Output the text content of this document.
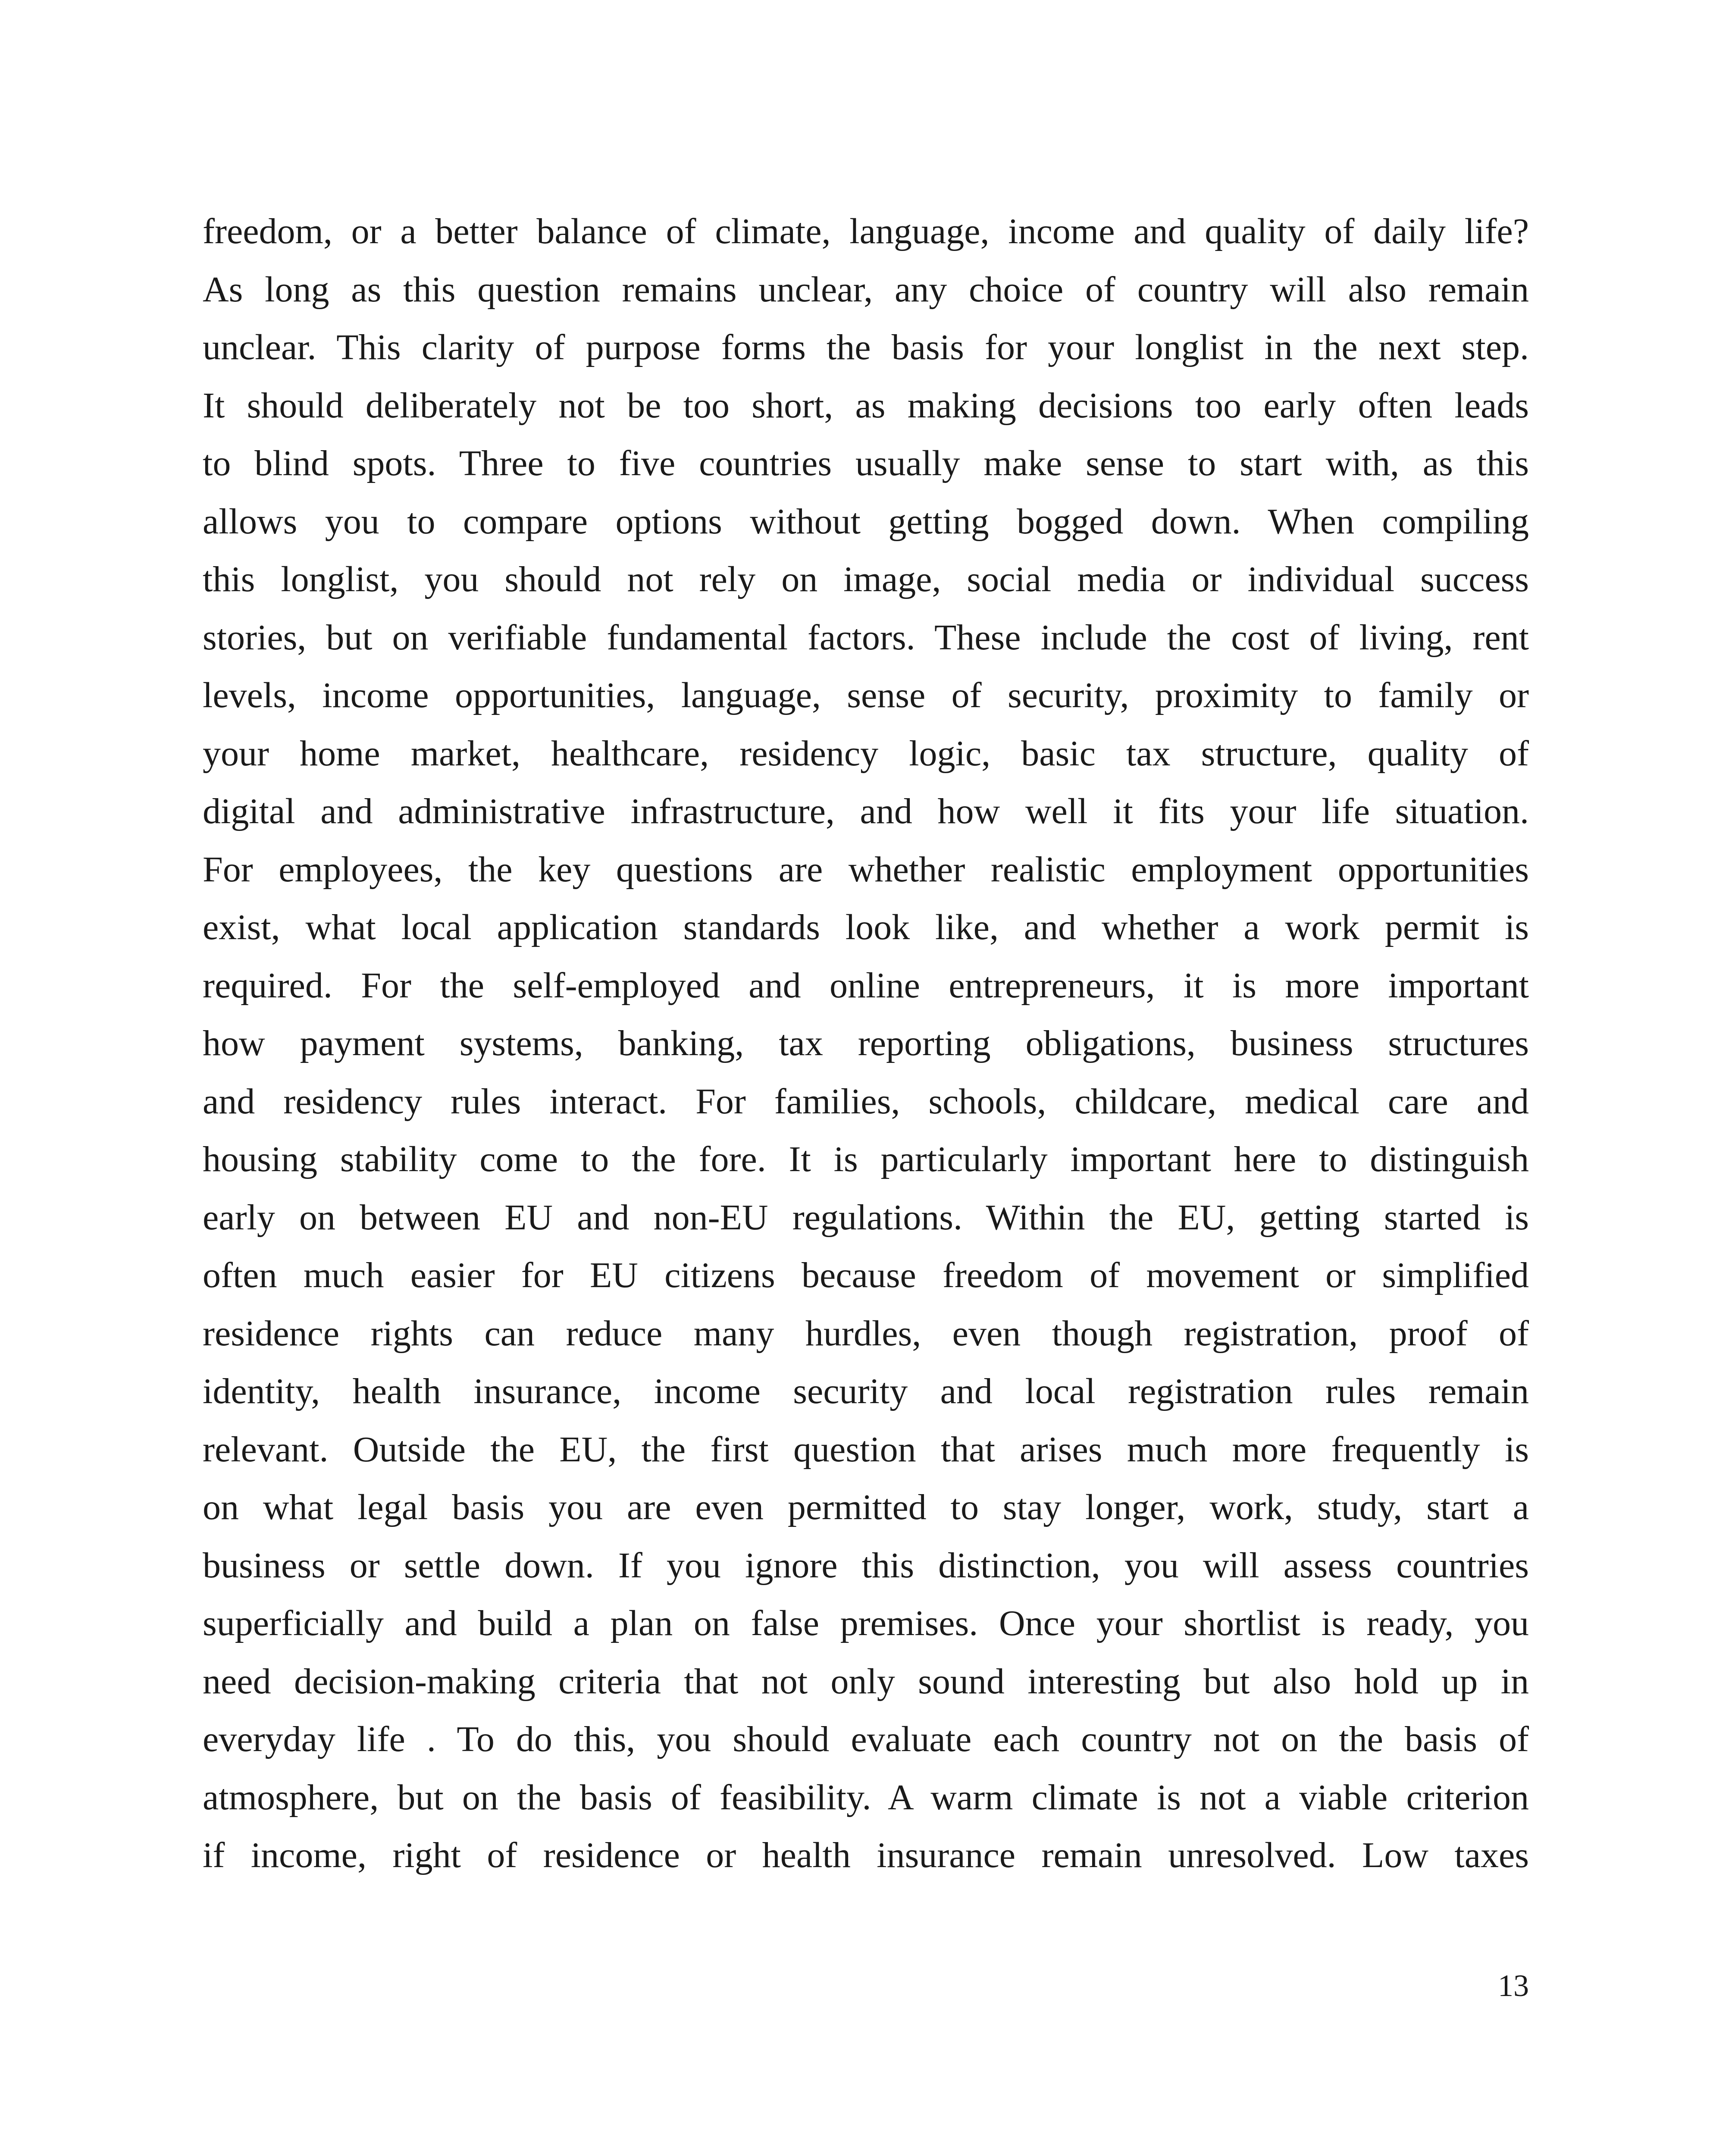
freedom, or a better balance of climate, language, income and quality of daily life?
As long as this question remains unclear, any choice of country will also remain
unclear. This clarity of purpose forms the basis for your longlist in the next step.
It should deliberately not be too short, as making decisions too early often leads
to blind spots. Three to five countries usually make sense to start with, as this
allows you to compare options without getting bogged down. When compiling
this longlist, you should not rely on image, social media or individual success
stories, but on verifiable fundamental factors. These include the cost of living, rent
levels, income opportunities, language, sense of security, proximity to family or
your home market, healthcare, residency logic, basic tax structure, quality of
digital and administrative infrastructure, and how well it fits your life situation.
For employees, the key questions are whether realistic employment opportunities
exist, what local application standards look like, and whether a work permit is
required. For the self-employed and online entrepreneurs, it is more important
how payment systems, banking, tax reporting obligations, business structures
and residency rules interact. For families, schools, childcare, medical care and
housing stability come to the fore. It is particularly important here to distinguish
early on between EU and non-EU regulations. Within the EU, getting started is
often much easier for EU citizens because freedom of movement or simplified
residence rights can reduce many hurdles, even though registration, proof of
identity, health insurance, income security and local registration rules remain
relevant. Outside the EU, the first question that arises much more frequently is
on what legal basis you are even permitted to stay longer, work, study, start a
business or settle down. If you ignore this distinction, you will assess countries
superficially and build a plan on false premises. Once your shortlist is ready, you
need decision-making criteria that not only sound interesting but also hold up in
everyday life . To do this, you should evaluate each country not on the basis of
atmosphere, but on the basis of feasibility. A warm climate is not a viable criterion
if income, right of residence or health insurance remain unresolved. Low taxes

13
